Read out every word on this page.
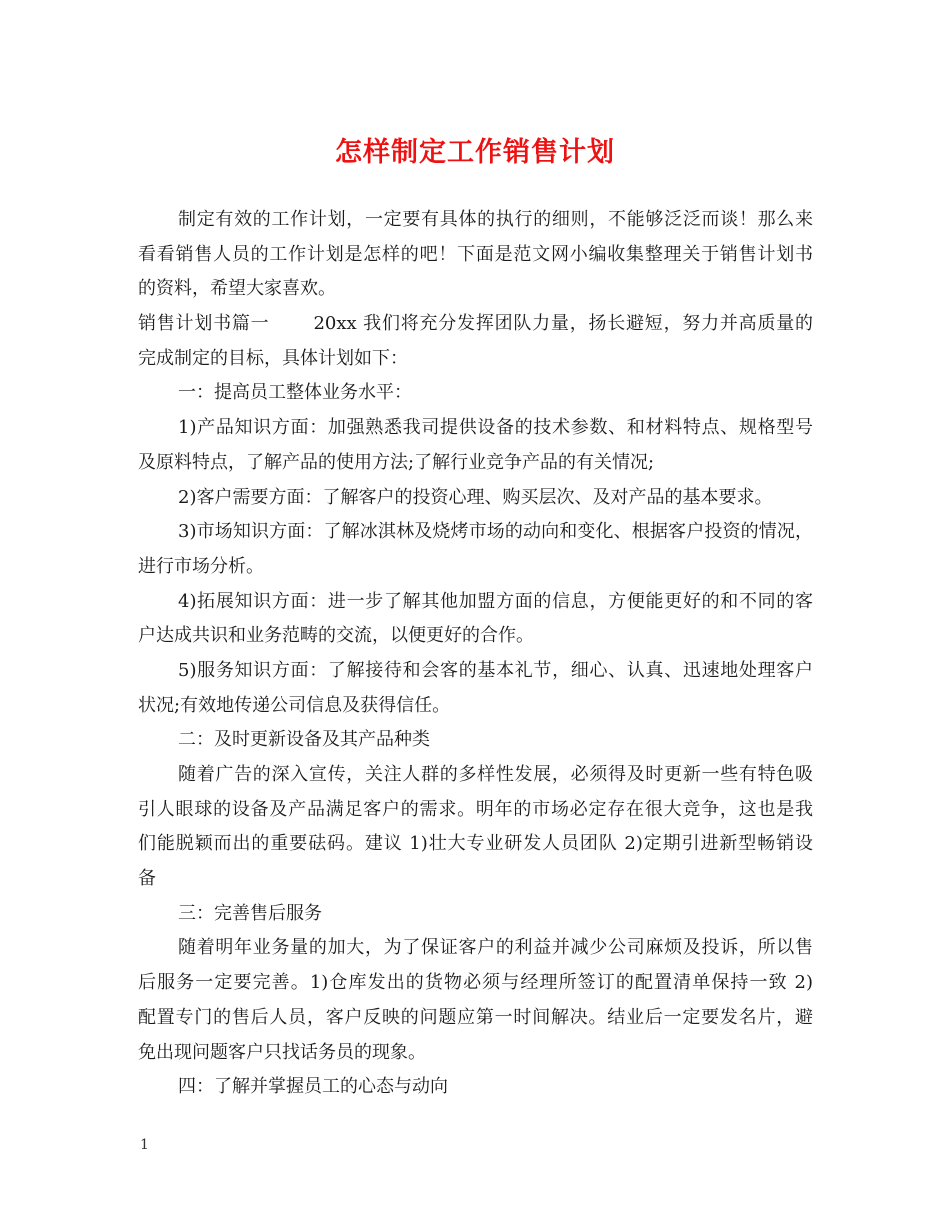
怎样制定工作销售计划
制定有效的工作计划，一定要有具体的执行的细则，不能够泛泛而谈！那么来
看看销售人员的工作计划是怎样的吧！下面是范文网小编收集整理关于销售计划书
的资料，希望大家喜欢。
销售计划书篇一　　 20xx 我们将充分发挥团队力量，扬长避短，努力并高质量的
完成制定的目标，具体计划如下：
一：提高员工整体业务水平：
1)产品知识方面：加强熟悉我司提供设备的技术参数、和材料特点、规格型号
及原料特点，了解产品的使用方法;了解行业竞争产品的有关情况;
2)客户需要方面：了解客户的投资心理、购买层次、及对产品的基本要求。
3)市场知识方面：了解冰淇林及烧烤市场的动向和变化、根据客户投资的情况，
进行市场分析。
4)拓展知识方面：进一步了解其他加盟方面的信息，方便能更好的和不同的客
户达成共识和业务范畴的交流，以便更好的合作。
5)服务知识方面：了解接待和会客的基本礼节，细心、认真、迅速地处理客户
状况;有效地传递公司信息及获得信任。
二：及时更新设备及其产品种类
随着广告的深入宣传，关注人群的多样性发展，必须得及时更新一些有特色吸
引人眼球的设备及产品满足客户的需求。明年的市场必定存在很大竞争，这也是我
们能脱颖而出的重要砝码。建议 1)壮大专业研发人员团队 2)定期引进新型畅销设
备
三：完善售后服务
随着明年业务量的加大，为了保证客户的利益并减少公司麻烦及投诉，所以售
后服务一定要完善。1)仓库发出的货物必须与经理所签订的配置清单保持一致 2)
配置专门的售后人员，客户反映的问题应第一时间解决。结业后一定要发名片，避
免出现问题客户只找话务员的现象。
四：了解并掌握员工的心态与动向
1
